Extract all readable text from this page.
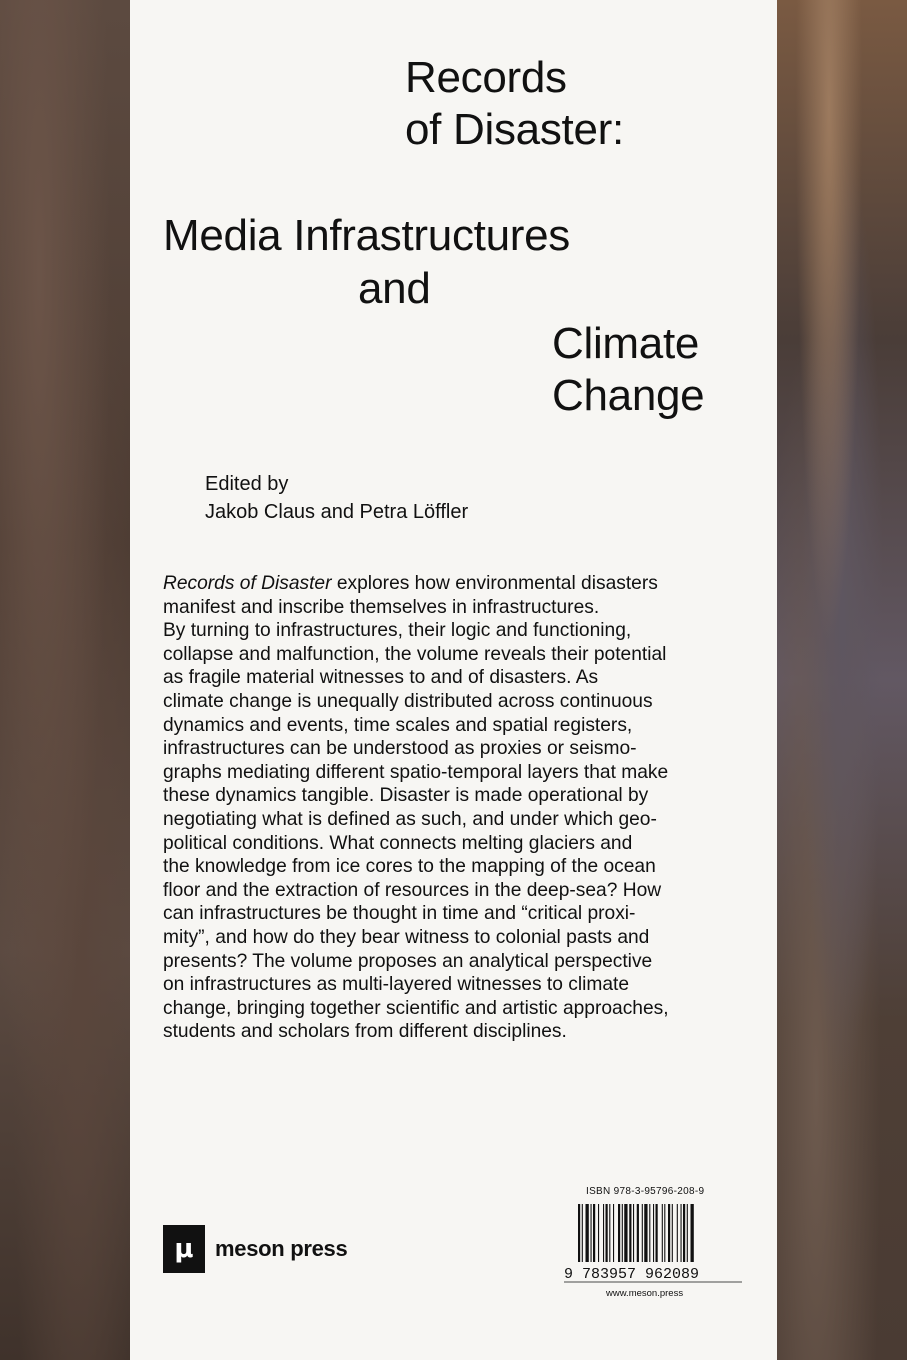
Records
of Disaster:
Media Infrastructures
and
Climate
Change
Edited by
Jakob Claus and Petra Löffler
Records of Disaster explores how environmental disasters
manifest and inscribe themselves in infrastructures.
By turning to infrastructures, their logic and functioning,
collapse and malfunction, the volume reveals their potential
as fragile material witnesses to and of disasters. As
climate change is unequally distributed across continuous
dynamics and events, time scales and spatial registers,
infrastructures can be understood as proxies or seismo-
graphs mediating different spatio-temporal layers that make
these dynamics tangible. Disaster is made operational by
negotiating what is defined as such, and under which geo-
political conditions. What connects melting glaciers and
the knowledge from ice cores to the mapping of the ocean
floor and the extraction of resources in the deep-sea? How
can infrastructures be thought in time and “critical proxi-
mity”, and how do they bear witness to colonial pasts and
presents? The volume proposes an analytical perspective
on infrastructures as multi-layered witnesses to climate
change, bringing together scientific and artistic approaches,
students and scholars from different disciplines.
μ meson press
ISBN 978-3-95796-208-9
9 783957 962089
www.meson.press
